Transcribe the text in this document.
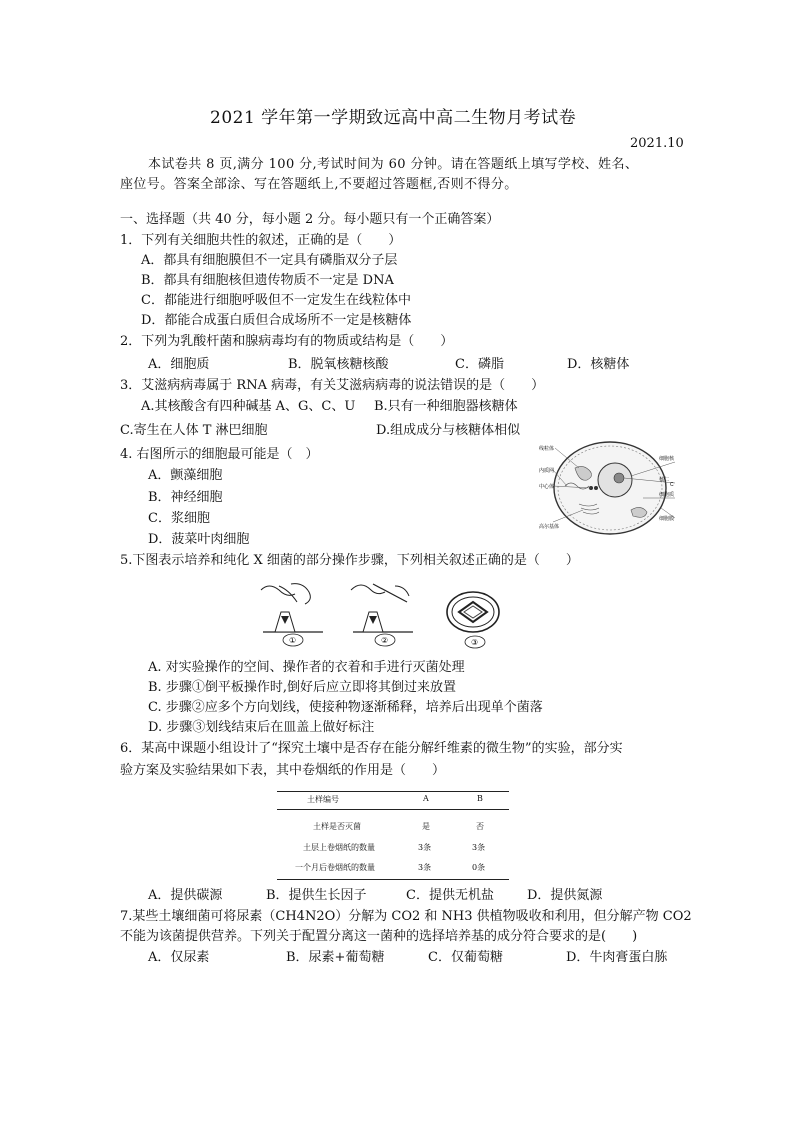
2021 学年第一学期致远高中高二生物月考试卷
2021.10
本试卷共 8 页,满分 100 分,考试时间为 60 分钟。请在答题纸上填写学校、姓名、
座位号。答案全部涂、写在答题纸上,不要超过答题框,否则不得分。
一、选择题（共 40 分，每小题 2 分。每小题只有一个正确答案）
1．下列有关细胞共性的叙述，正确的是（　　）
A．都具有细胞膜但不一定具有磷脂双分子层
B．都具有细胞核但遗传物质不一定是 DNA
C．都能进行细胞呼吸但不一定发生在线粒体中
D．都能合成蛋白质但合成场所不一定是核糖体
2．下列为乳酸杆菌和腺病毒均有的物质或结构是（　　）
A．细胞质	B．脱氧核糖核酸	C．磷脂	D．核糖体
3．艾滋病病毒属于 RNA 病毒，有关艾滋病病毒的说法错误的是（　　）
A.其核酸含有四种碱基 A、G、C、U B.只有一种细胞器核糖体
C.寄生在人体 T 淋巴细胞	D.组成成分与核糖体相似
4. 右图所示的细胞最可能是（　）
A．颤藻细胞
B．神经细胞
C．浆细胞
D．菠菜叶肉细胞
线粒体
内质网
中心体
高尔基体
细胞核
核仁
C
细胞质
细胞膜
5.下图表示培养和纯化 X 细菌的部分操作步骤，下列相关叙述正确的是（　　）
①	②	③
A. 对实验操作的空间、操作者的衣着和手进行灭菌处理
B. 步骤①倒平板操作时,倒好后应立即将其倒过来放置
C. 步骤②应多个方向划线，使接种物逐渐稀释，培养后出现单个菌落
D. 步骤③划线结束后在皿盖上做好标注
6．某高中课题小组设计了“探究土壤中是否存在能分解纤维素的微生物”的实验，部分实
验方案及实验结果如下表，其中卷烟纸的作用是（　　）
土样编号	A	B
土样是否灭菌	是	否
土层上卷烟纸的数量	3条	3条
一个月后卷烟纸的数量	3条	0条
A．提供碳源	B．提供生长因子	C．提供无机盐	D．提供氮源
7.某些土壤细菌可将尿素（CH4N2O）分解为 CO2 和 NH3 供植物吸收和利用，但分解产物 CO2
不能为该菌提供营养。下列关于配置分离这一菌种的选择培养基的成分符合要求的是(　　)
A．仅尿素	B．尿素+葡萄糖	C．仅葡萄糖	D．牛肉膏蛋白胨
